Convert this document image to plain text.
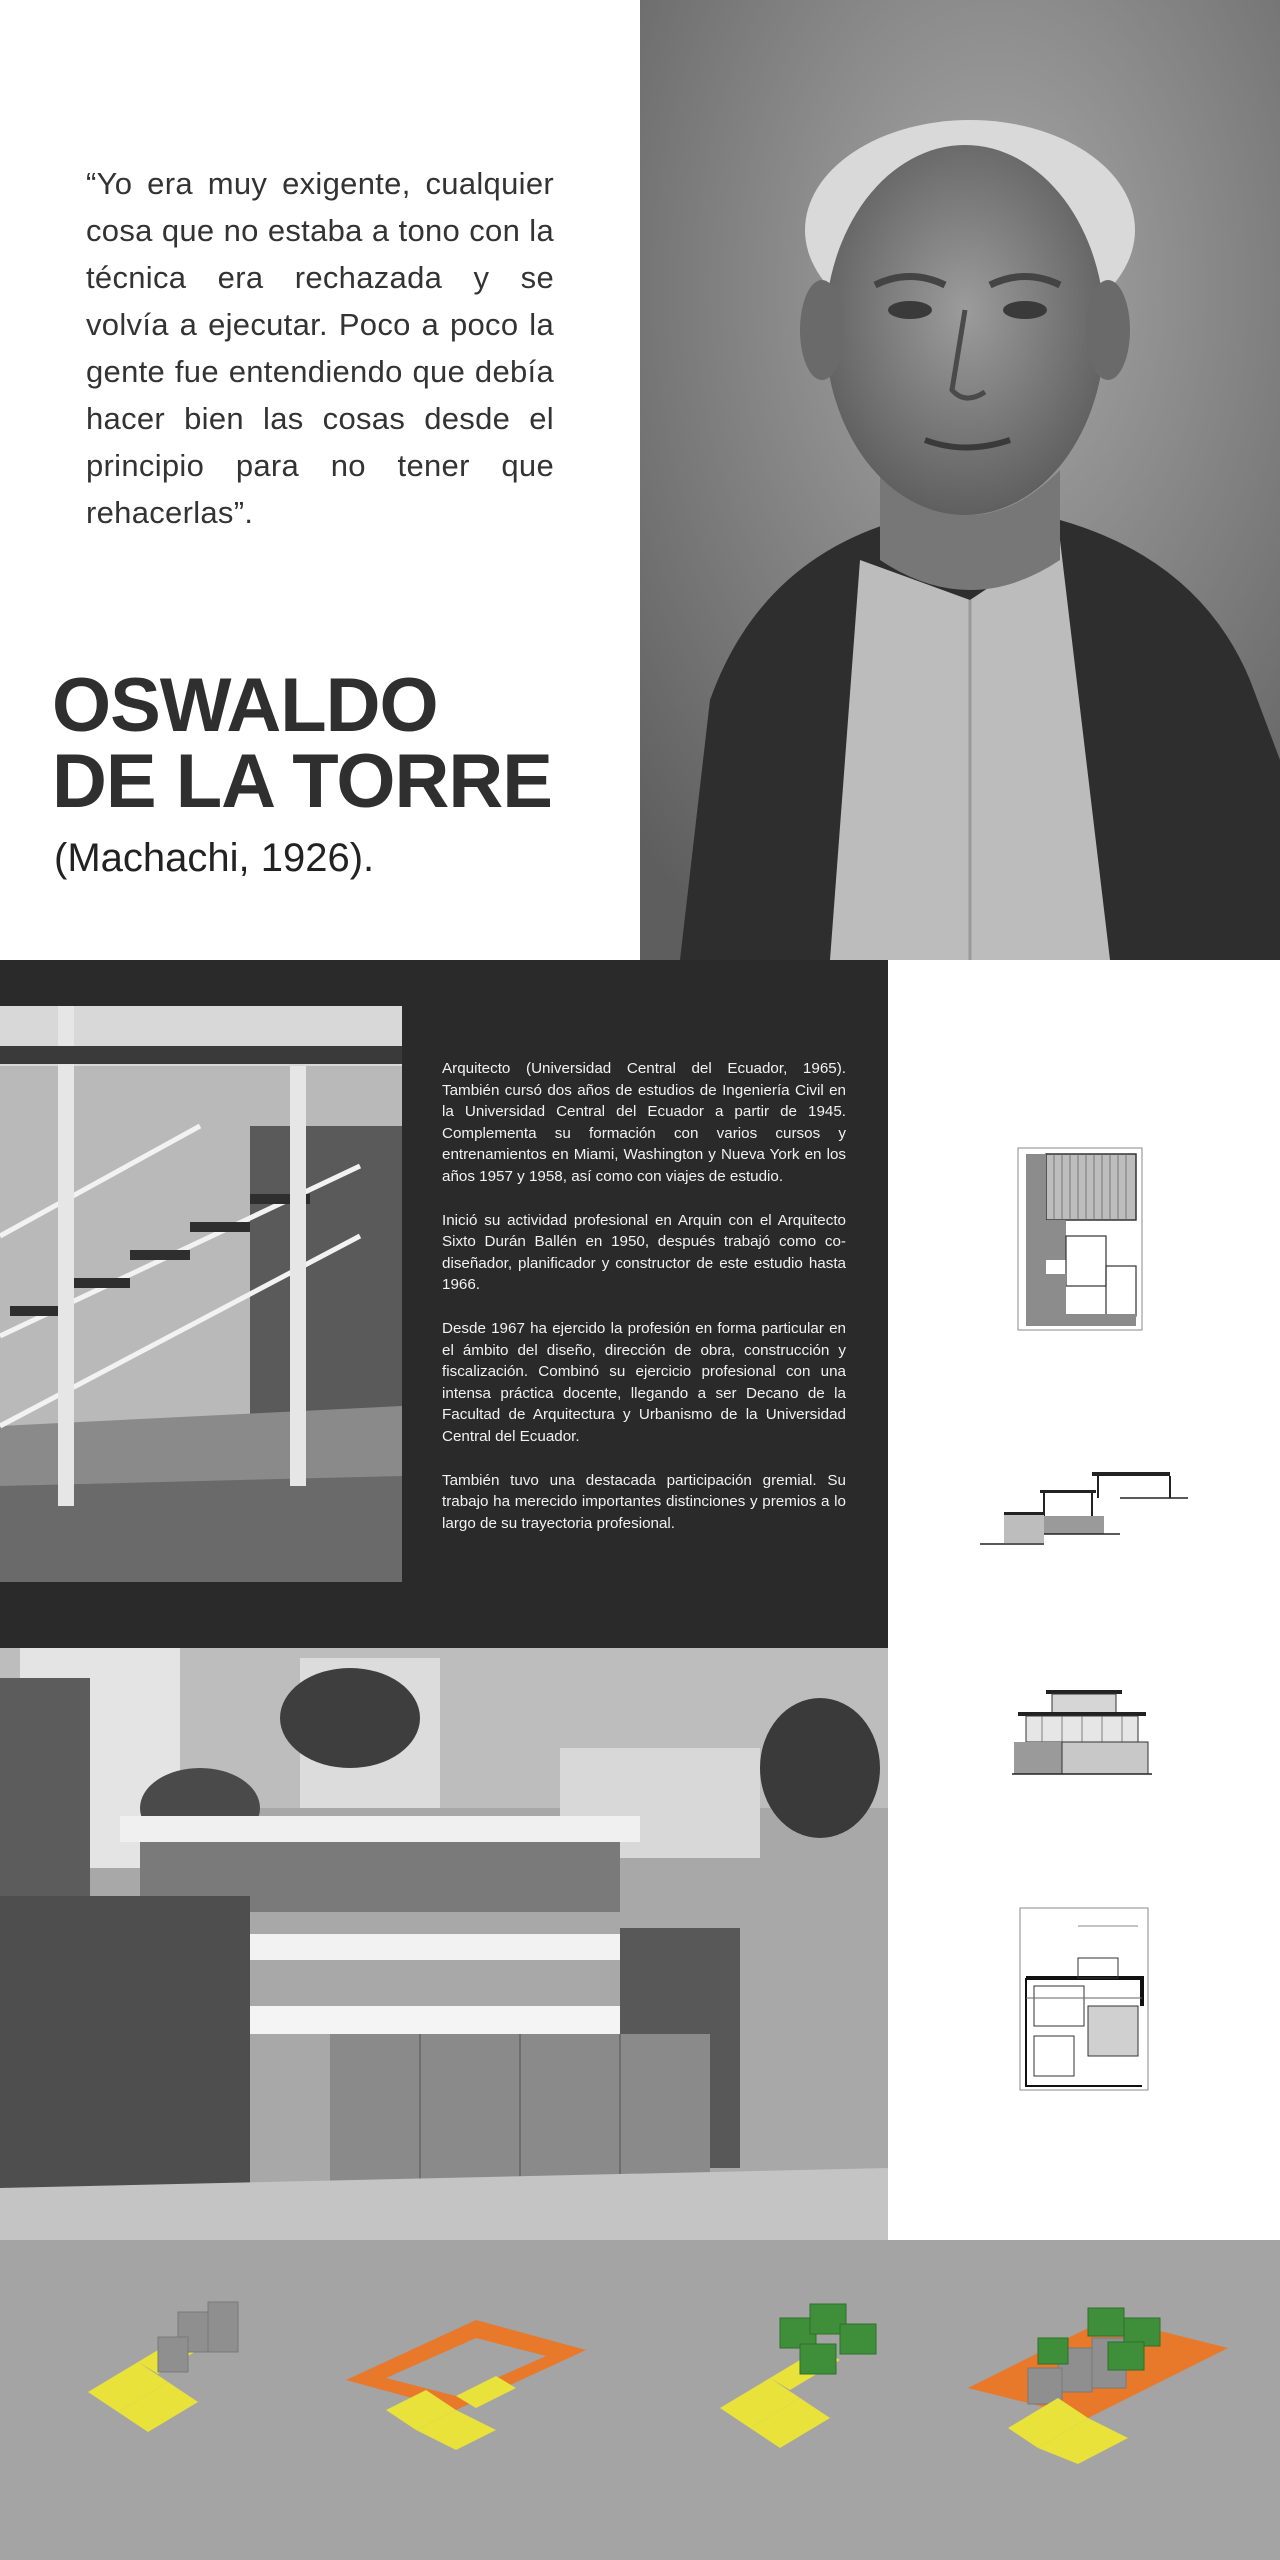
“Yo era muy exigente, cualquier cosa que no estaba a tono con la técnica era rechazada y se volvía a ejecutar. Poco a poco la gente fue entendiendo que debía hacer bien las cosas desde el principio para no tener que rehacerlas”.
OSWALDO
DE LA TORRE
(Machachi, 1926).

Arquitecto (Universidad Central del Ecuador, 1965). También cursó dos años de estudios de Ingeniería Civil en la Universidad Central del Ecuador a partir de 1945. Complementa su formación con varios cursos y entrenamientos en Miami, Washington y Nueva York en los años 1957 y 1958, así como con viajes de estudio.

Inició su actividad profesional en Arquin con el Arquitecto Sixto Durán Ballén en 1950, después trabajó como co-diseñador, planificador y constructor de este estudio hasta 1966.

Desde 1967 ha ejercido la profesión en forma particular en el ámbito del diseño, dirección de obra, construcción y fiscalización. Combinó su ejercicio profesional con una intensa práctica docente, llegando a ser Decano de la Facultad de Arquitectura y Urbanismo de la Universidad Central del Ecuador.

También tuvo una destacada participación gremial. Su trabajo ha merecido importantes distinciones y premios a lo largo de su trayectoria profesional.
